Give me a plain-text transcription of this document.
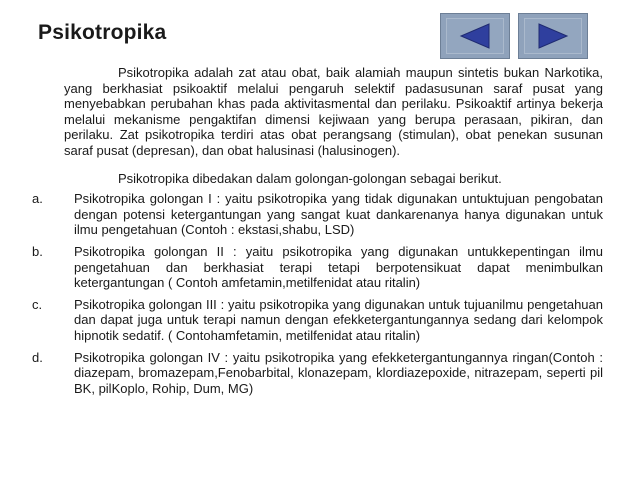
Psikotropika

Psikotropika adalah zat atau obat, baik alamiah maupun sintetis bukan Narkotika, yang berkhasiat psikoaktif melalui pengaruh selektif padasusunan saraf pusat yang menyebabkan perubahan khas pada aktivitasmental dan perilaku. Psikoaktif artinya bekerja melalui mekanisme pengaktifan dimensi kejiwaan yang berupa perasaan, pikiran, dan perilaku. Zat psikotropika terdiri atas obat perangsang (stimulan), obat penekan susunan saraf pusat (depresan), dan obat halusinasi (halusinogen).

Psikotropika dibedakan dalam golongan-golongan sebagai berikut.

a.	Psikotropika golongan I : yaitu psikotropika yang tidak digunakan untuktujuan pengobatan dengan potensi ketergantungan yang sangat kuat dankarenanya hanya digunakan untuk ilmu pengetahuan (Contoh : ekstasi,shabu, LSD)
b.	Psikotropika golongan II : yaitu psikotropika yang digunakan untukkepentingan ilmu pengetahuan dan berkhasiat terapi tetapi berpotensikuat dapat menimbulkan ketergantungan ( Contoh amfetamin,metilfenidat atau ritalin)
c.	Psikotropika golongan III : yaitu psikotropika yang digunakan untuk tujuanilmu pengetahuan dan dapat juga untuk terapi namun dengan efekketergantungannya sedang dari kelompok hipnotik sedatif. ( Contohamfetamin, metilfenidat atau ritalin)
d.	Psikotropika golongan IV : yaitu psikotropika yang efekketergantungannya ringan(Contoh : diazepam, bromazepam,Fenobarbital, klonazepam, klordiazepoxide, nitrazepam, seperti pil BK, pilKoplo, Rohip, Dum, MG)
